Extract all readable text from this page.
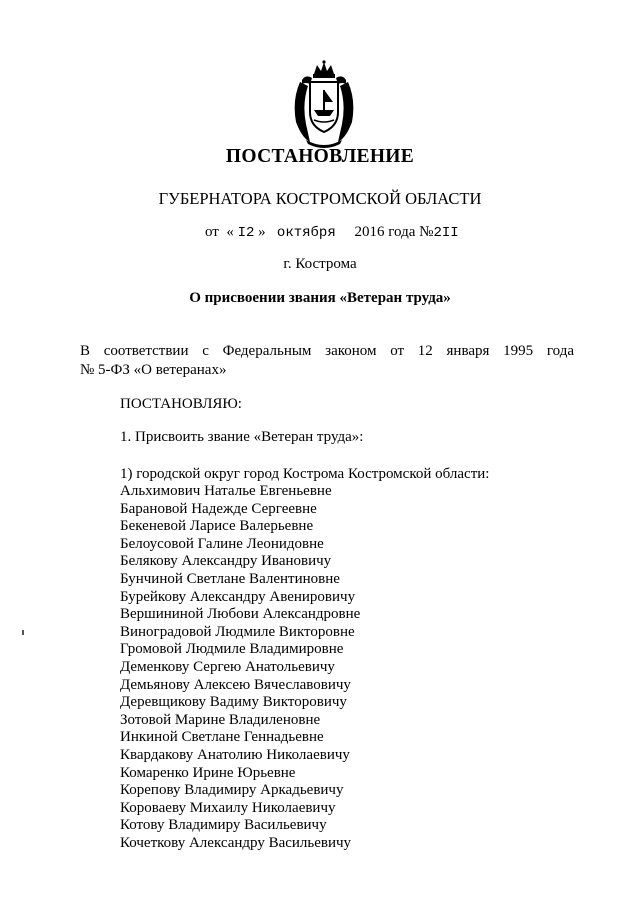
ПОСТАНОВЛЕНИЕ
ГУБЕРНАТОРА КОСТРОМСКОЙ ОБЛАСТИ
от « I2 » октября 2016 года №2II
г. Кострома
О присвоении звания «Ветеран труда»
В соответствии с Федеральным законом от 12 января 1995 года
№ 5-ФЗ «О ветеранах»
ПОСТАНОВЛЯЮ:
1. Присвоить звание «Ветеран труда»:
1) городской округ город Кострома Костромской области:
Альхимович Наталье Евгеньевне
Барановой Надежде Сергеевне
Бекеневой Ларисе Валерьевне
Белоусовой Галине Леонидовне
Белякову Александру Ивановичу
Бунчиной Светлане Валентиновне
Бурейкову Александру Авенировичу
Вершининой Любови Александровне
Виноградовой Людмиле Викторовне
Громовой Людмиле Владимировне
Деменкову Сергею Анатольевичу
Демьянову Алексею Вячеславовичу
Деревщикову Вадиму Викторовичу
Зотовой Марине Владиленовне
Инкиной Светлане Геннадьевне
Квардакову Анатолию Николаевичу
Комаренко Ирине Юрьевне
Корепову Владимиру Аркадьевичу
Короваеву Михаилу Николаевичу
Котову Владимиру Васильевичу
Кочеткову Александру Васильевичу
